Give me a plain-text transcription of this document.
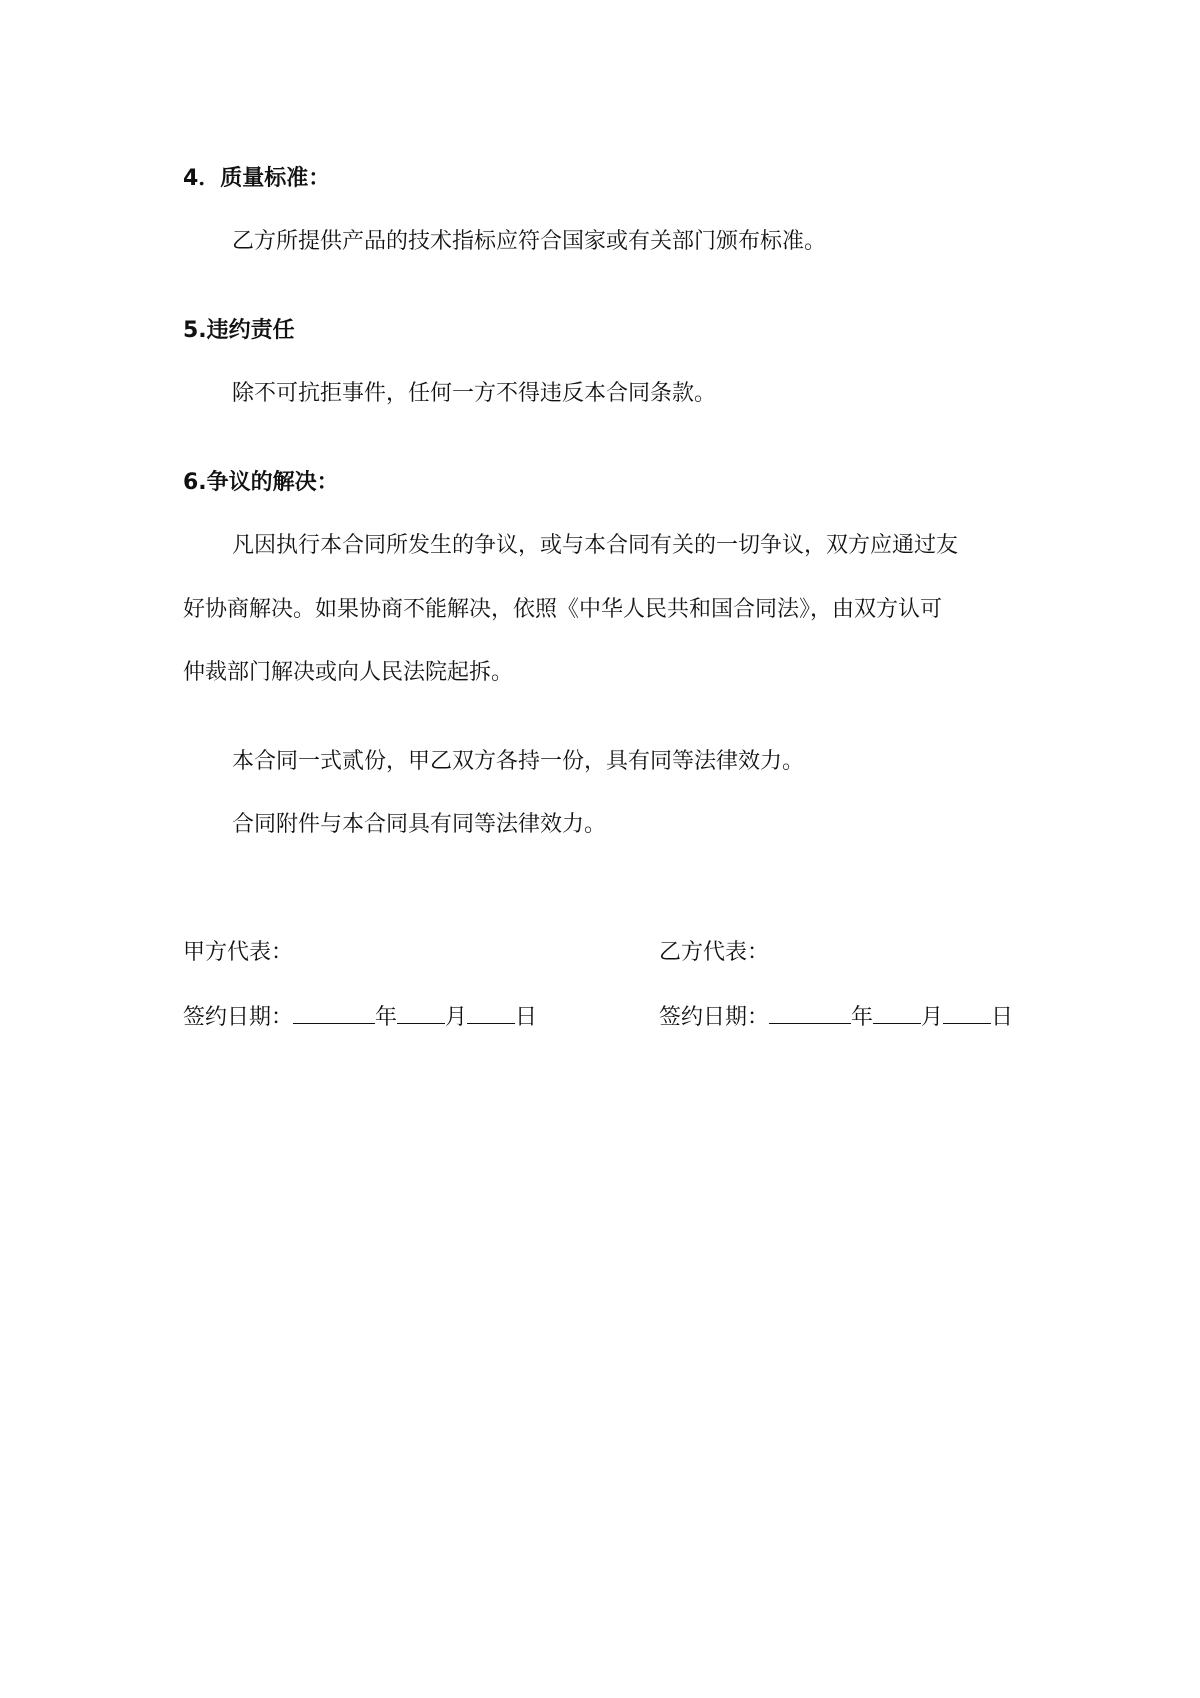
4．质量标准：
乙方所提供产品的技术指标应符合国家或有关部门颁布标准。
5.违约责任
除不可抗拒事件，任何一方不得违反本合同条款。
6.争议的解决：
凡因执行本合同所发生的争议，或与本合同有关的一切争议，双方应通过友
好协商解决。如果协商不能解决，依照《中华人民共和国合同法》，由双方认可
仲裁部门解决或向人民法院起拆。
本合同一式贰份，甲乙双方各持一份，具有同等法律效力。
合同附件与本合同具有同等法律效力。
甲方代表：
签约日期：	年 月 日
乙方代表：
签约日期：	年 月 日
